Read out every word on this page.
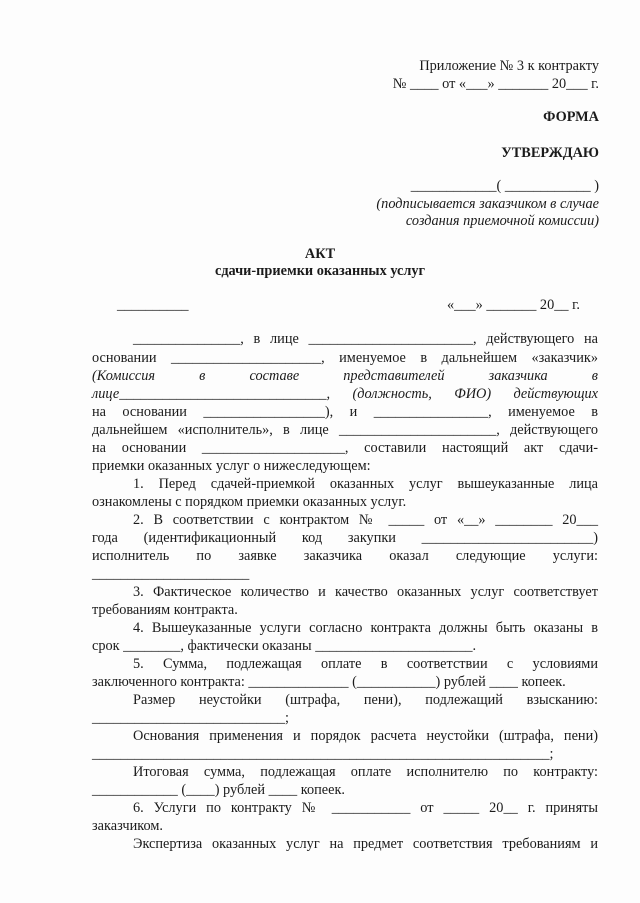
Приложение № 3 к контракту
№ ____ от «___» _______ 20___ г.
ФОРМА
УТВЕРЖДАЮ
____________( ____________ )
(подписывается заказчиком в случае
создания приемочной комиссии)
АКТ
сдачи-приемки оказанных услуг
__________	«___» _______ 20__ г.
_______________, в лице _______________________, действующего на
основании _____________________, именуемое в дальнейшем «заказчик»
(Комиссия в составе представителей заказчика в
лице_____________________________, (должность, ФИО) действующих
на основании _________________), и ________________, именуемое в
дальнейшем «исполнитель», в лице ______________________, действующего
на основании ____________________, составили настоящий акт сдачи-
приемки оказанных услуг о нижеследующем:
1. Перед сдачей-приемкой оказанных услуг вышеуказанные лица
ознакомлены с порядком приемки оказанных услуг.
2. В соответствии с контрактом № _____ от «__» ________ 20___
года (идентификационный код закупки ________________________)
исполнитель по заявке заказчика оказал следующие услуги:
______________________
3. Фактическое количество и качество оказанных услуг соответствует
требованиям контракта.
4. Вышеуказанные услуги согласно контракта должны быть оказаны в
срок ________, фактически оказаны ______________________.
5. Сумма, подлежащая оплате в соответствии с условиями
заключенного контракта: ______________ (___________) рублей ____ копеек.
Размер неустойки (штрафа, пени), подлежащий взысканию:
___________________________;
Основания применения и порядок расчета неустойки (штрафа, пени)
________________________________________________________________;
Итоговая сумма, подлежащая оплате исполнителю по контракту:
____________ (____) рублей ____ копеек.
6. Услуги по контракту № ___________ от _____ 20__ г. приняты
заказчиком.
Экспертиза оказанных услуг на предмет соответствия требованиям и
